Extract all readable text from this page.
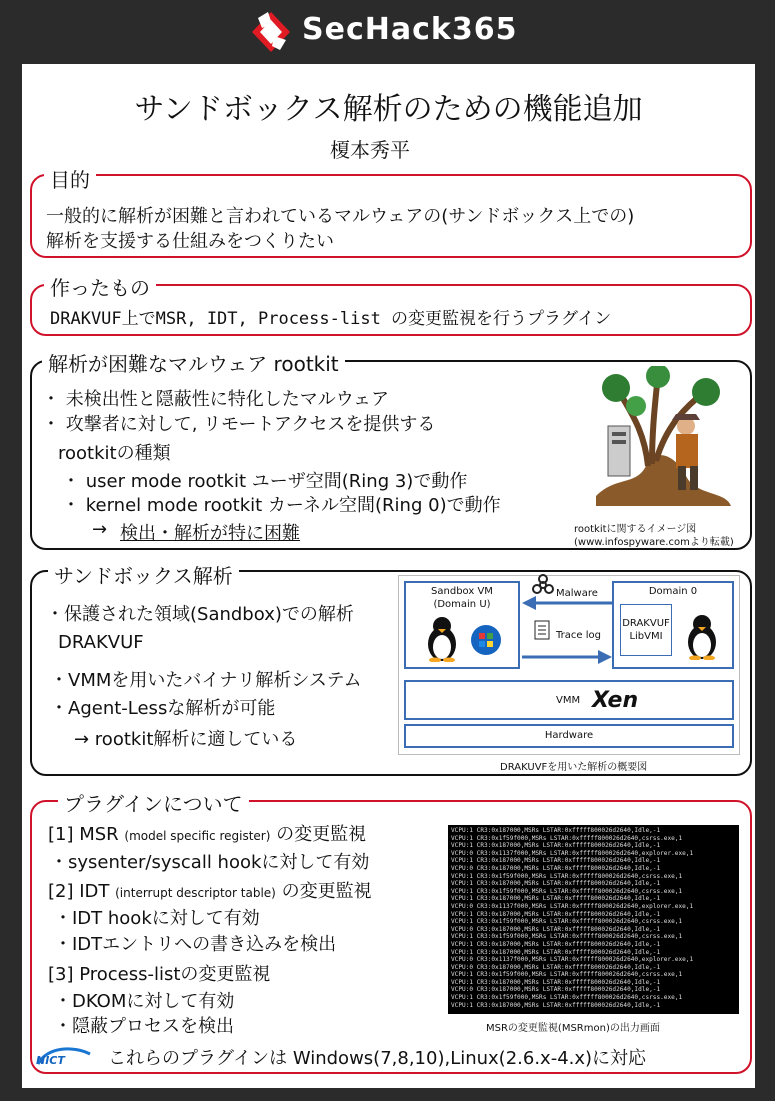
SecHack365
サンドボックス解析のための機能追加
榎本秀平
目的
一般的に解析が困難と言われているマルウェアの(サンドボックス上での)
解析を支援する仕組みをつくりたい
作ったもの
DRAKVUF上でMSR, IDT, Process-list の変更監視を行うプラグイン
解析が困難なマルウェア rootkit
・ 未検出性と隠蔽性に特化したマルウェア
・ 攻撃者に対して, リモートアクセスを提供する
rootkitの種類
・ user mode rootkit ユーザ空間(Ring 3)で動作
・ kernel mode rootkit カーネル空間(Ring 0)で動作
→ 検出・解析が特に困難	rootkitに関するイメージ図
(www.infospyware.comより転載)
サンドボックス解析
・保護された領域(Sandbox)での解析
DRAKVUF
・VMMを用いたバイナリ解析システム
・Agent-Lessな解析が可能
→ rootkit解析に適している
Sandbox VM
(Domain U)
Malware
Trace log
Domain 0
DRAKVUF
LibVMI
VMM Xen
Hardware
DRAKUVFを用いた解析の概要図
プラグインについて
[1] MSR (model specific register) の変更監視
・sysenter/syscall hookに対して有効
[2] IDT (interrupt descriptor table) の変更監視
・IDT hookに対して有効
・IDTエントリへの書き込みを検出
[3] Process-listの変更監視
・DKOMに対して有効
・隠蔽プロセスを検出
VCPU:1 CR3:0x187000,MSRs LSTAR:0xfffff800026d2640,Idle,-1
VCPU:1 CR3:0x1f59f000,MSRs LSTAR:0xfffff800026d2640,csrss.exe,1
VCPU:1 CR3:0x187000,MSRs LSTAR:0xfffff800026d2640,Idle,-1
VCPU:0 CR3:0x1137f000,MSRs LSTAR:0xfffff800026d2640,explorer.exe,1
VCPU:1 CR3:0x187000,MSRs LSTAR:0xfffff800026d2640,Idle,-1
VCPU:0 CR3:0x187000,MSRs LSTAR:0xfffff800026d2640,Idle,-1
VCPU:1 CR3:0x1f59f000,MSRs LSTAR:0xfffff800026d2640,csrss.exe,1
VCPU:1 CR3:0x187000,MSRs LSTAR:0xfffff800026d2640,Idle,-1
VCPU:1 CR3:0x1f59f000,MSRs LSTAR:0xfffff800026d2640,csrss.exe,1
VCPU:1 CR3:0x187000,MSRs LSTAR:0xfffff800026d2640,Idle,-1
VCPU:0 CR3:0x1137f000,MSRs LSTAR:0xfffff800026d2640,explorer.exe,1
VCPU:1 CR3:0x187000,MSRs LSTAR:0xfffff800026d2640,Idle,-1
VCPU:1 CR3:0x1f59f000,MSRs LSTAR:0xfffff800026d2640,csrss.exe,1
VCPU:0 CR3:0x187000,MSRs LSTAR:0xfffff800026d2640,Idle,-1
VCPU:1 CR3:0x1f59f000,MSRs LSTAR:0xfffff800026d2640,csrss.exe,1
VCPU:1 CR3:0x187000,MSRs LSTAR:0xfffff800026d2640,Idle,-1
VCPU:1 CR3:0x187000,MSRs LSTAR:0xfffff800026d2640,Idle,-1
VCPU:0 CR3:0x1137f000,MSRs LSTAR:0xfffff800026d2640,explorer.exe,1
VCPU:0 CR3:0x187000,MSRs LSTAR:0xfffff800026d2640,Idle,-1
VCPU:1 CR3:0x1f59f000,MSRs LSTAR:0xfffff800026d2640,csrss.exe,1
VCPU:1 CR3:0x187000,MSRs LSTAR:0xfffff800026d2640,Idle,-1
VCPU:0 CR3:0x187000,MSRs LSTAR:0xfffff800026d2640,Idle,-1
VCPU:1 CR3:0x1f59f000,MSRs LSTAR:0xfffff800026d2640,csrss.exe,1
VCPU:1 CR3:0x187000,MSRs LSTAR:0xfffff800026d2640,Idle,-1
MSRの変更監視(MSRmon)の出力画面
NICT これらのプラグインは Windows(7,8,10),Linux(2.6.x-4.x)に対応
